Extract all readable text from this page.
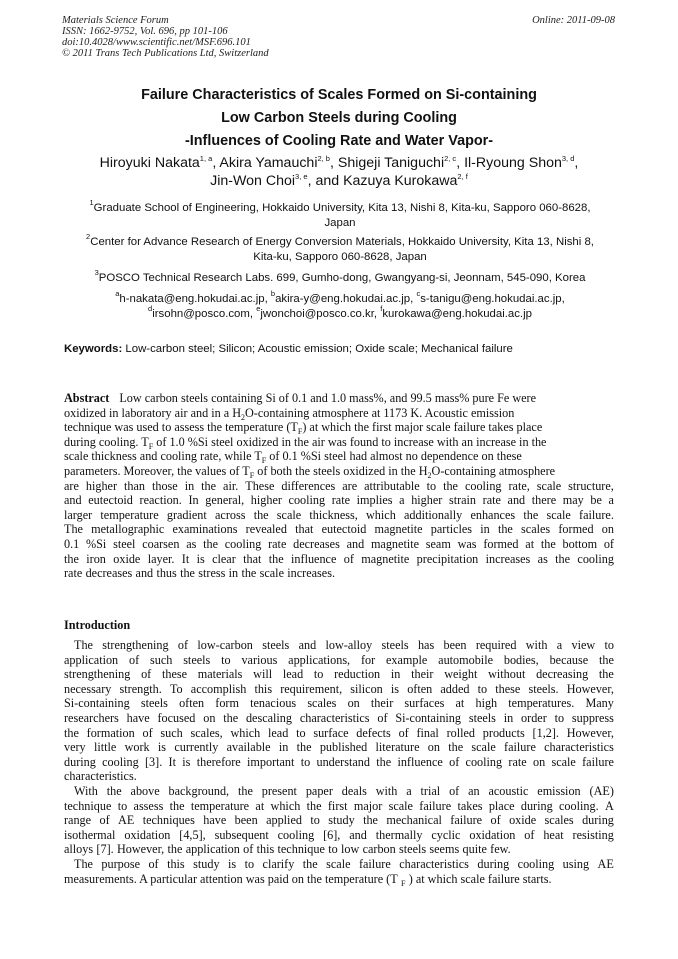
Materials Science Forum
ISSN: 1662-9752, Vol. 696, pp 101-106
doi:10.4028/www.scientific.net/MSF.696.101
© 2011 Trans Tech Publications Ltd, Switzerland
Online: 2011-09-08
Failure Characteristics of Scales Formed on Si-containing
Low Carbon Steels during Cooling
-Influences of Cooling Rate and Water Vapor-
Hiroyuki Nakata$^{1, a}$, Akira Yamauchi$^{2, b}$, Shigeji Taniguchi$^{2, c}$, Il-Ryoung Shon$^{3, d}$,
Jin-Won Choi$^{3, e}$, and Kazuya Kurokawa$^{2, f}$
$^1$Graduate School of Engineering, Hokkaido University, Kita 13, Nishi 8, Kita-ku, Sapporo 060-8628,
Japan
$^2$Center for Advance Research of Energy Conversion Materials, Hokkaido University, Kita 13, Nishi 8,
Kita-ku, Sapporo 060-8628, Japan
$^3$POSCO Technical Research Labs. 699, Gumho-dong, Gwangyang-si, Jeonnam, 545-090, Korea
$^a$h-nakata@eng.hokudai.ac.jp, $^b$akira-y@eng.hokudai.ac.jp, $^c$s-tanigu@eng.hokudai.ac.jp,
$^d$irsohn@posco.com, $^e$jwonchoi@posco.co.kr, $^f$kurokawa@eng.hokudai.ac.jp
Keywords: Low-carbon steel; Silicon; Acoustic emission; Oxide scale; Mechanical failure
Abstract Low carbon steels containing Si of 0.1 and 1.0 mass%, and 99.5 mass% pure Fe were
oxidized in laboratory air and in a H2O-containing atmosphere at 1173 K. Acoustic emission
technique was used to assess the temperature (TF) at which the first major scale failure takes place
during cooling. TF of 1.0 %Si steel oxidized in the air was found to increase with an increase in the
scale thickness and cooling rate, while TF of 0.1 %Si steel had almost no dependence on these
parameters. Moreover, the values of TF of both the steels oxidized in the H2O-containing atmosphere
are higher than those in the air. These differences are attributable to the cooling rate, scale structure,
and eutectoid reaction. In general, higher cooling rate implies a higher strain rate and there may be a
larger temperature gradient across the scale thickness, which additionally enhances the scale failure.
The metallographic examinations revealed that eutectoid magnetite particles in the scales formed on
0.1 %Si steel coarsen as the cooling rate decreases and magnetite seam was formed at the bottom of
the iron oxide layer. It is clear that the influence of magnetite precipitation increases as the cooling
rate decreases and thus the stress in the scale increases.
Introduction
The strengthening of low-carbon steels and low-alloy steels has been required with a view to
application of such steels to various applications, for example automobile bodies, because the
strengthening of these materials will lead to reduction in their weight without decreasing the
necessary strength. To accomplish this requirement, silicon is often added to these steels. However,
Si-containing steels often form tenacious scales on their surfaces at high temperatures. Many
researchers have focused on the descaling characteristics of Si-containing steels in order to suppress
the formation of such scales, which lead to surface defects of final rolled products [1,2]. However,
very little work is currently available in the published literature on the scale failure characteristics
during cooling [3]. It is therefore important to understand the influence of cooling rate on scale failure
characteristics.
With the above background, the present paper deals with a trial of an acoustic emission (AE)
technique to assess the temperature at which the first major scale failure takes place during cooling. A
range of AE techniques have been applied to study the mechanical failure of oxide scales during
isothermal oxidation [4,5], subsequent cooling [6], and thermally cyclic oxidation of heat resisting
alloys [7]. However, the application of this technique to low carbon steels seems quite few.
The purpose of this study is to clarify the scale failure characteristics during cooling using AE
measurements. A particular attention was paid on the temperature (T F ) at which scale failure starts.
